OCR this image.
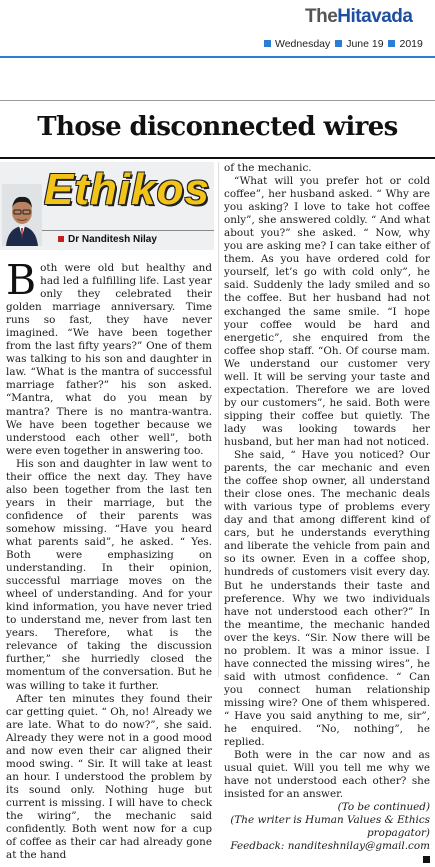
TheHitavada
Wednesday June 19 2019
Those disconnected wires
Ethikos
Dr Nanditesh Nilay

Both were old but healthy and had led a fulfilling life. Last year only they celebrated their golden marriage anniversary. Time runs so fast, they have never imagined. “We have been together from the last fifty years?” One of them was talking to his son and daughter in law. “What is the mantra of successful marriage father?” his son asked. “Mantra, what do you mean by mantra? There is no mantra-wantra. We have been together because we understood each other well”, both were even together in answering too.

His son and daughter in law went to their office the next day. They have also been together from the last ten years in their marriage, but the confidence of their parents was somehow missing. “Have you heard what parents said”, he asked. “ Yes. Both were emphasizing on understanding. In their opinion, successful marriage moves on the wheel of understanding. And for your kind information, you have never tried to understand me, never from last ten years. Therefore, what is the relevance of taking the discussion further,” she hurriedly closed the momentum of the conversation. But he was willing to take it further.

After ten minutes they found their car getting quiet. “ Oh, no! Already we are late. What to do now?”, she said. Already they were not in a good mood and now even their car aligned their mood swing. “ Sir. It will take at least an hour. I understood the problem by its sound only. Nothing huge but current is missing. I will have to check the wiring”, the mechanic said confidently. Both went now for a cup of coffee as their car had already gone at the hand

of the mechanic.

“What will you prefer hot or cold coffee”, her husband asked. “ Why are you asking? I love to take hot coffee only”, she answered coldly. “ And what about you?” she asked. “ Now, why you are asking me? I can take either of them. As you have ordered cold for yourself, let’s go with cold only”, he said. Suddenly the lady smiled and so the coffee. But her husband had not exchanged the same smile. “I hope your coffee would be hard and energetic”, she enquired from the coffee shop staff. “Oh. Of course mam. We understand our customer very well. It will be serving your taste and expectation. Therefore we are loved by our customers”, he said. Both were sipping their coffee but quietly. The lady was looking towards her husband, but her man had not noticed.

She said, “ Have you noticed? Our parents, the car mechanic and even the coffee shop owner, all understand their close ones. The mechanic deals with various type of problems every day and that among different kind of cars, but he understands everything and liberate the vehicle from pain and so its owner. Even in a coffee shop, hundreds of customers visit every day. But he understands their taste and preference. Why we two individuals have not understood each other?” In the meantime, the mechanic handed over the keys. “Sir. Now there will be no problem. It was a minor issue. I have connected the missing wires”, he said with utmost confidence. “ Can you connect human relationship missing wire? One of them whispered. “ Have you said anything to me, sir”, he enquired. “No, nothing”, he replied.

Both were in the car now and as usual quiet. Will you tell me why we have not understood each other? she insisted for an answer.

(To be continued)

(The writer is Human Values & Ethics propagator)

Feedback: nanditeshnilay@gmail.com
